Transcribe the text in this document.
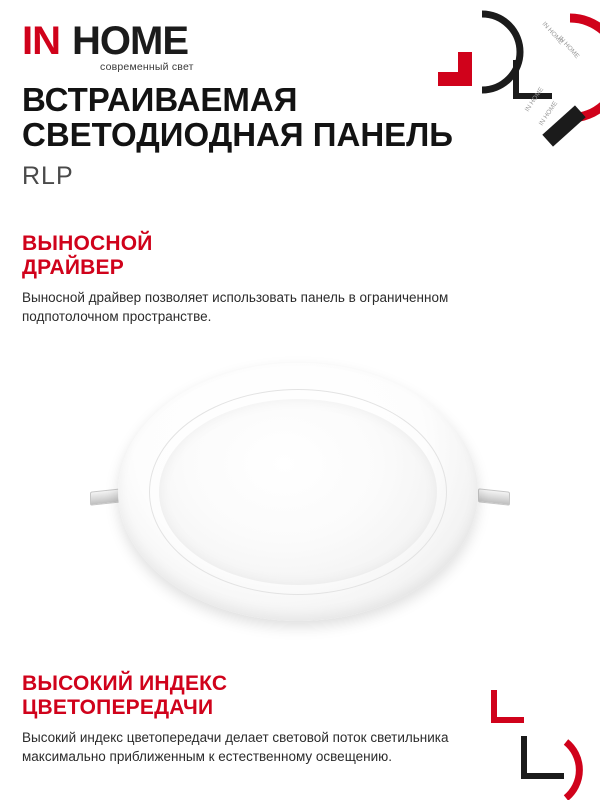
IN HOME
современный свет
IN HOME
IN HOME
IN HOME
IN HOME
ВСТРАИВАЕМАЯ
СВЕТОДИОДНАЯ ПАНЕЛЬ
RLP
ВЫНОСНОЙ
ДРАЙВЕР

Выносной драйвер позволяет использовать панель в ограниченном подпотолочном пространстве.

ВЫСОКИЙ ИНДЕКС
ЦВЕТОПЕРЕДАЧИ

Высокий индекс цветопередачи делает световой поток светильника максимально приближенным к естественному освещению.
